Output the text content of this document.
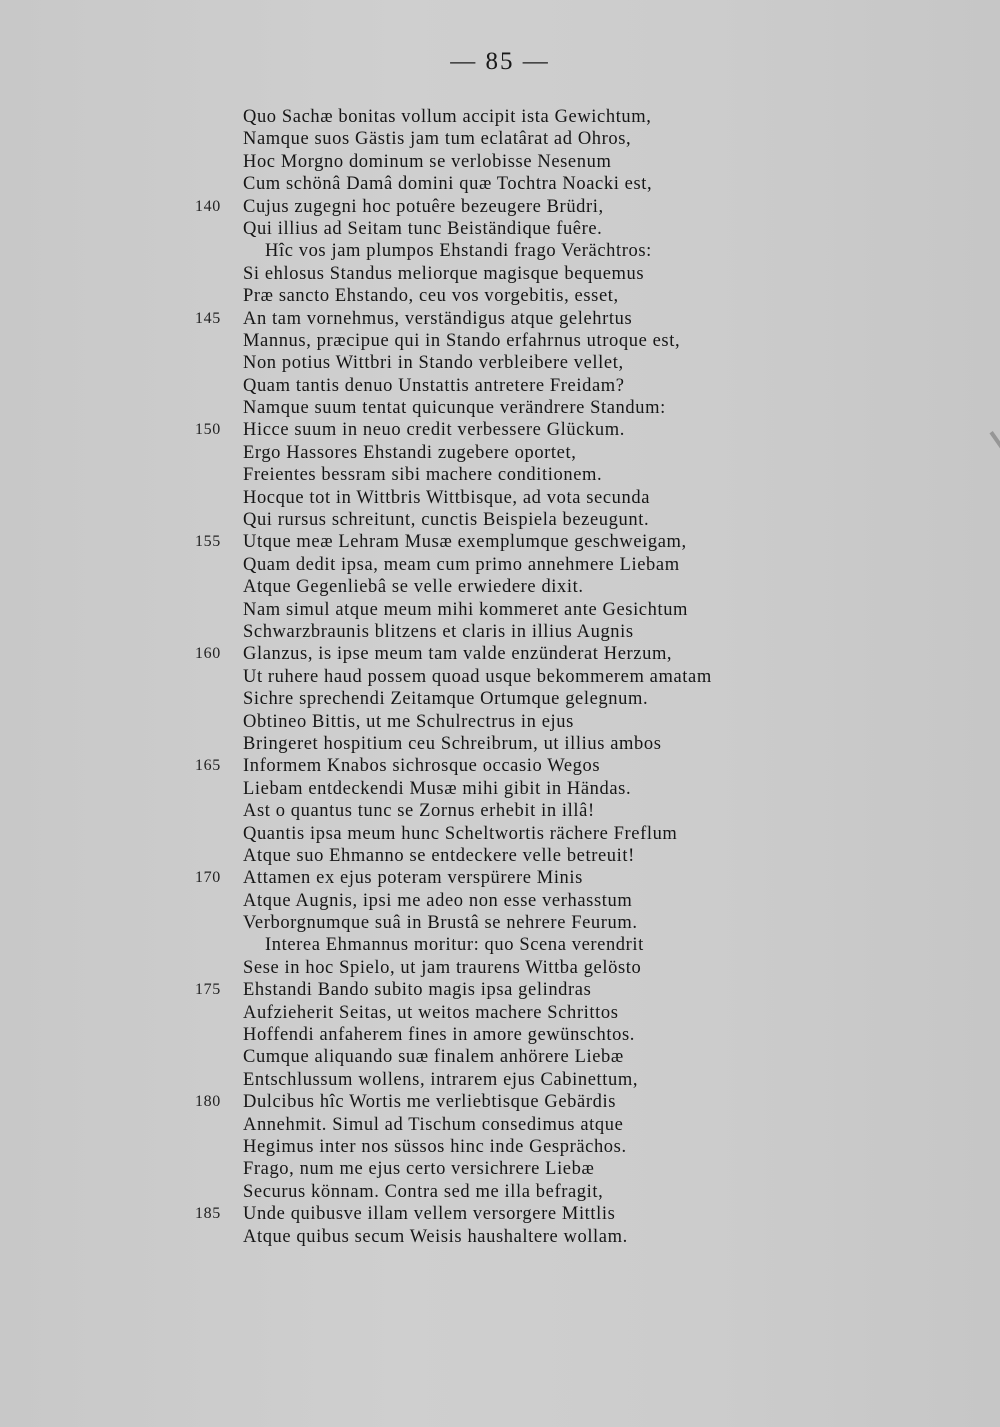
— 85 —
Quo Sachæ bonitas vollum accipit ista Gewichtum,
Namque suos Gästis jam tum eclatârat ad Ohros,
Hoc Morgno dominum se verlobisse Nesenum
Cum schönâ Damâ domini quæ Tochtra Noacki est,
140	Cujus zugegni hoc potuêre bezeugere Brüdri,
Qui illius ad Seitam tunc Beiständique fuêre.
Hîc vos jam plumpos Ehstandi frago Verächtros:
Si ehlosus Standus meliorque magisque bequemus
Præ sancto Ehstando, ceu vos vorgebitis, esset,
145	An tam vornehmus, verständigus atque gelehrtus
Mannus, præcipue qui in Stando erfahrnus utroque est,
Non potius Wittbri in Stando verbleibere vellet,
Quam tantis denuo Unstattis antretere Freidam?
Namque suum tentat quicunque verändrere Standum:
150	Hicce suum in neuo credit verbessere Glückum.
Ergo Hassores Ehstandi zugebere oportet,
Freientes bessram sibi machere conditionem.
Hocque tot in Wittbris Wittbisque, ad vota secunda
Qui rursus schreitunt, cunctis Beispiela bezeugunt.
155	Utque meæ Lehram Musæ exemplumque geschweigam,
Quam dedit ipsa, meam cum primo annehmere Liebam
Atque Gegenliebâ se velle erwiedere dixit.
Nam simul atque meum mihi kommeret ante Gesichtum
Schwarzbraunis blitzens et claris in illius Augnis
160	Glanzus, is ipse meum tam valde enzünderat Herzum,
Ut ruhere haud possem quoad usque bekommerem amatam
Sichre sprechendi Zeitamque Ortumque gelegnum.
Obtineo Bittis, ut me Schulrectrus in ejus
Bringeret hospitium ceu Schreibrum, ut illius ambos
165	Informem Knabos sichrosque occasio Wegos
Liebam entdeckendi Musæ mihi gibit in Händas.
Ast o quantus tunc se Zornus erhebit in illâ!
Quantis ipsa meum hunc Scheltwortis rächere Freflum
Atque suo Ehmanno se entdeckere velle betreuit!
170	Attamen ex ejus poteram verspürere Minis
Atque Augnis, ipsi me adeo non esse verhasstum
Verborgnumque suâ in Brustâ se nehrere Feurum.
Interea Ehmannus moritur: quo Scena verendrit
Sese in hoc Spielo, ut jam traurens Wittba gelösto
175	Ehstandi Bando subito magis ipsa gelindras
Aufzieherit Seitas, ut weitos machere Schrittos
Hoffendi anfaherem fines in amore gewünschtos.
Cumque aliquando suæ finalem anhörere Liebæ
Entschlussum wollens, intrarem ejus Cabinettum,
180	Dulcibus hîc Wortis me verliebtisque Gebärdis
Annehmit. Simul ad Tischum consedimus atque
Hegimus inter nos süssos hinc inde Gesprächos.
Frago, num me ejus certo versichrere Liebæ
Securus könnam. Contra sed me illa befragit,
185	Unde quibusve illam vellem versorgere Mittlis
Atque quibus secum Weisis haushaltere wollam.
